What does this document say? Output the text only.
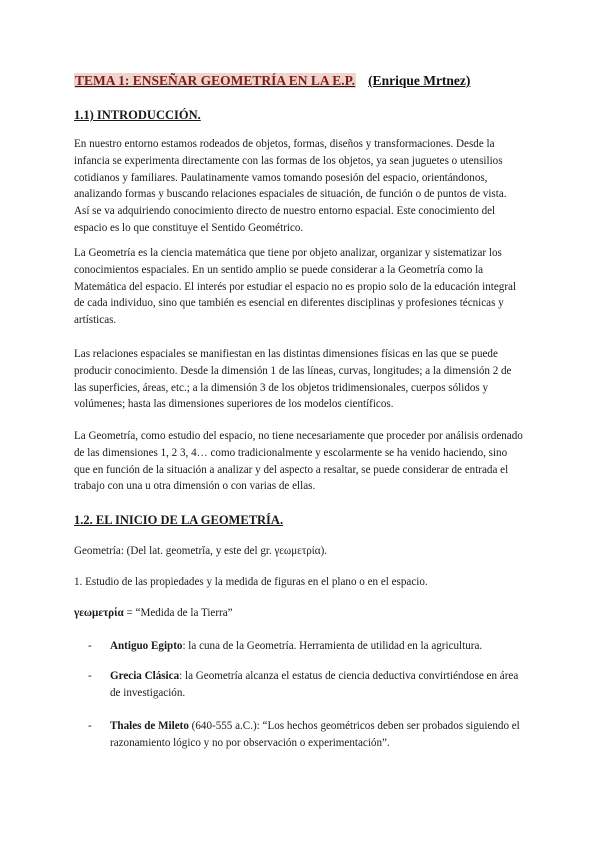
TEMA 1: ENSEÑAR GEOMETRÍA EN LA E.P. (Enrique Mrtnez)
1.1) INTRODUCCIÓN.

En nuestro entorno estamos rodeados de objetos, formas, diseños y transformaciones. Desde la infancia se experimenta directamente con las formas de los objetos, ya sean juguetes o utensilios cotidianos y familiares. Paulatinamente vamos tomando posesión del espacio, orientándonos, analizando formas y buscando relaciones espaciales de situación, de función o de puntos de vista. Así se va adquiriendo conocimiento directo de nuestro entorno espacial. Este conocimiento del espacio es lo que constituye el Sentido Geométrico.

La Geometría es la ciencia matemática que tiene por objeto analizar, organizar y sistematizar los conocimientos espaciales. En un sentido amplio se puede considerar a la Geometría como la Matemática del espacio. El interés por estudiar el espacio no es propio solo de la educación integral de cada individuo, sino que también es esencial en diferentes disciplinas y profesiones técnicas y artísticas.

Las relaciones espaciales se manifiestan en las distintas dimensiones físicas en las que se puede producir conocimiento. Desde la dimensión 1 de las líneas, curvas, longitudes; a la dimensión 2 de las superficies, áreas, etc.; a la dimensión 3 de los objetos tridimensionales, cuerpos sólidos y volúmenes; hasta las dimensiones superiores de los modelos científicos.

La Geometría, como estudio del espacio, no tiene necesariamente que proceder por análisis ordenado de las dimensiones 1, 2 3, 4… como tradicionalmente y escolarmente se ha venido haciendo, sino que en función de la situación a analizar y del aspecto a resaltar, se puede considerar de entrada el trabajo con una u otra dimensión o con varias de ellas.

1.2. EL INICIO DE LA GEOMETRÍA.
Geometría: (Del lat. geometrĭa, y este del gr. γεωμετρία).
1. Estudio de las propiedades y la medida de figuras en el plano o en el espacio.
γεωμετρία = “Medida de la Tierra”
- Antiguo Egipto: la cuna de la Geometría. Herramienta de utilidad en la agricultura.

- Grecia Clásica: la Geometría alcanza el estatus de ciencia deductiva convirtiéndose en área de investigación.

- Thales de Mileto (640-555 a.C.): “Los hechos geométricos deben ser probados siguiendo el razonamiento lógico y no por observación o experimentación”.
